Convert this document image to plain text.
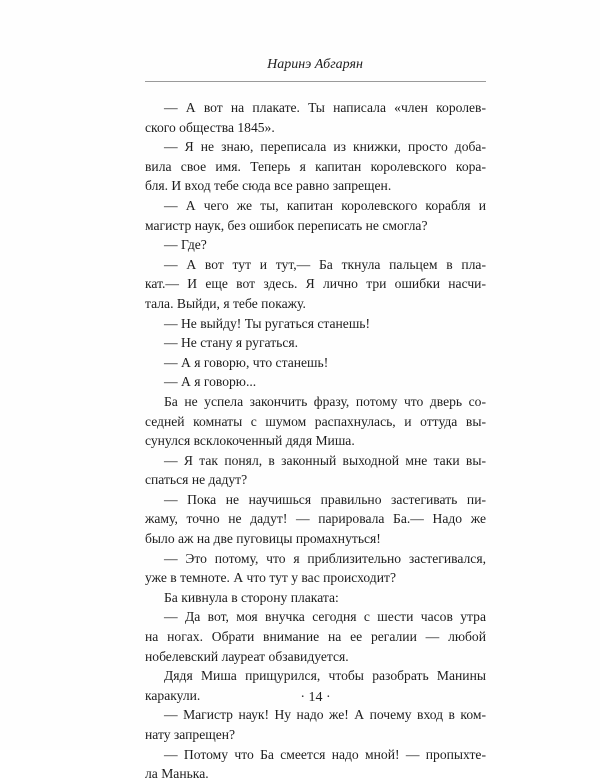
Наринэ Абгарян
— А вот на плакате. Ты написала «член королев-
ского общества 1845».
— Я не знаю, переписала из книжки, просто доба-
вила свое имя. Теперь я капитан королевского кора-
бля. И вход тебе сюда все равно запрещен.
— А чего же ты, капитан королевского корабля и
магистр наук, без ошибок переписать не смогла?
— Где?
— А вот тут и тут,— Ба ткнула пальцем в пла-
кат.— И еще вот здесь. Я лично три ошибки насчи-
тала. Выйди, я тебе покажу.
— Не выйду! Ты ругаться станешь!
— Не стану я ругаться.
— А я говорю, что станешь!
— А я говорю...
Ба не успела закончить фразу, потому что дверь со-
седней комнаты с шумом распахнулась, и оттуда вы-
сунулся всклокоченный дядя Миша.
— Я так понял, в законный выходной мне таки вы-
спаться не дадут?
— Пока не научишься правильно застегивать пи-
жаму, точно не дадут! — парировала Ба.— Надо же
было аж на две пуговицы промахнуться!
— Это потому, что я приблизительно застегивался,
уже в темноте. А что тут у вас происходит?
Ба кивнула в сторону плаката:
— Да вот, моя внучка сегодня с шести часов утра
на ногах. Обрати внимание на ее регалии — любой
нобелевский лауреат обзавидуется.
Дядя Миша прищурился, чтобы разобрать Манины
каракули.
— Магистр наук! Ну надо же! А почему вход в ком-
нату запрещен?
— Потому что Ба смеется надо мной! — пропыхте-
ла Манька.
· 14 ·
